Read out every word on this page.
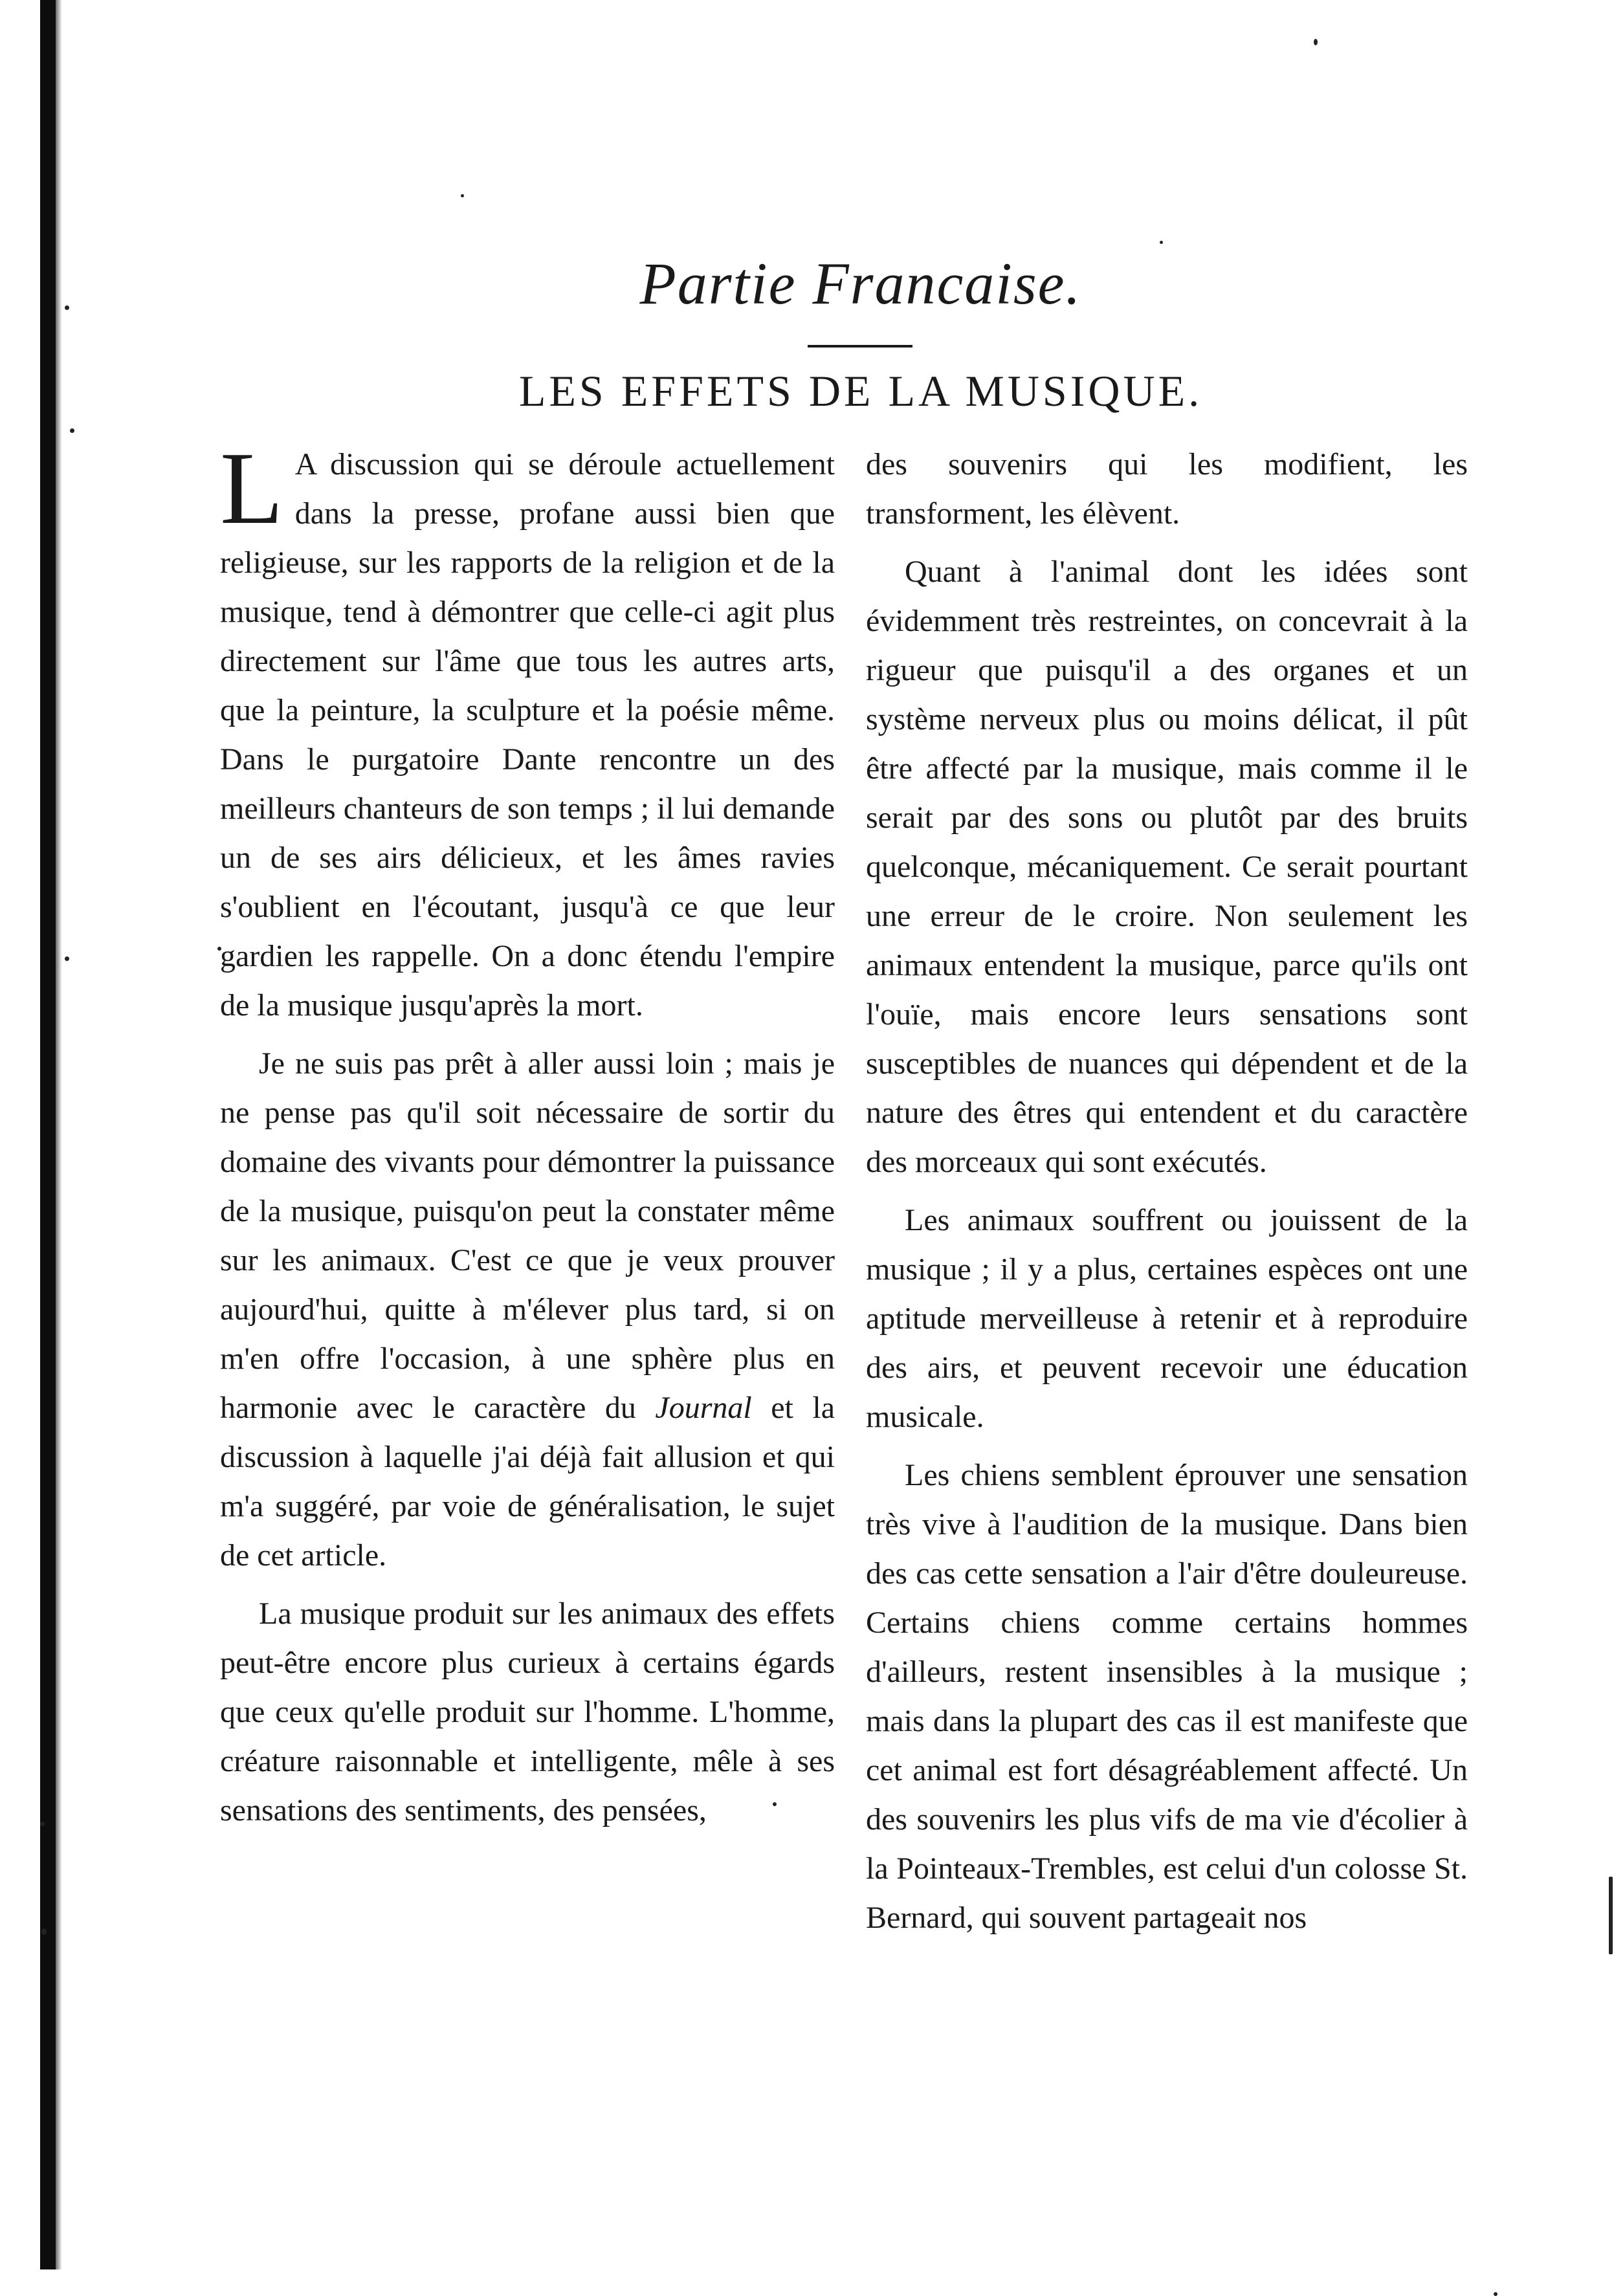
Partie Francaise.
LES EFFETS DE LA MUSIQUE.

L A discussion qui se déroule actuellement dans la presse, profane aussi bien que religieuse, sur les rapports de la religion et de la musique, tend à démontrer que celle-ci agit plus directement sur l'âme que tous les autres arts, que la peinture, la sculpture et la poésie même. Dans le purgatoire Dante rencontre un des meilleurs chanteurs de son temps ; il lui demande un de ses airs délicieux, et les âmes ravies s'oublient en l'écoutant, jusqu'à ce que leur gardien les rappelle. On a donc étendu l'empire de la musique jusqu'après la mort.

Je ne suis pas prêt à aller aussi loin ; mais je ne pense pas qu'il soit nécessaire de sortir du domaine des vivants pour démontrer la puissance de la musique, puisqu'on peut la constater même sur les animaux. C'est ce que je veux prouver aujourd'hui, quitte à m'élever plus tard, si on m'en offre l'occasion, à une sphère plus en harmonie avec le caractère du Journal et la discussion à laquelle j'ai déjà fait allusion et qui m'a suggéré, par voie de généralisation, le sujet de cet article.

La musique produit sur les animaux des effets peut-être encore plus curieux à certains égards que ceux qu'elle produit sur l'homme. L'homme, créature raisonnable et intelligente, mêle à ses sensations des sentiments, des pensées,

des souvenirs qui les modifient, les transforment, les élèvent.

Quant à l'animal dont les idées sont évidemment très restreintes, on concevrait à la rigueur que puisqu'il a des organes et un système nerveux plus ou moins délicat, il pût être affecté par la musique, mais comme il le serait par des sons ou plutôt par des bruits quelconque, mécaniquement. Ce serait pourtant une erreur de le croire. Non seulement les animaux entendent la musique, parce qu'ils ont l'ouïe, mais encore leurs sensations sont susceptibles de nuances qui dépendent et de la nature des êtres qui entendent et du caractère des morceaux qui sont exécutés.

Les animaux souffrent ou jouissent de la musique ; il y a plus, certaines espèces ont une aptitude merveilleuse à retenir et à reproduire des airs, et peuvent recevoir une éducation musicale.

Les chiens semblent éprouver une sensation très vive à l'audition de la musique. Dans bien des cas cette sensation a l'air d'être douleureuse. Certains chiens comme certains hommes d'ailleurs, restent insensibles à la musique ; mais dans la plupart des cas il est manifeste que cet animal est fort désagréablement affecté. Un des souvenirs les plus vifs de ma vie d'écolier à la Pointeaux-Trembles, est celui d'un colosse St. Bernard, qui souvent partageait nos
